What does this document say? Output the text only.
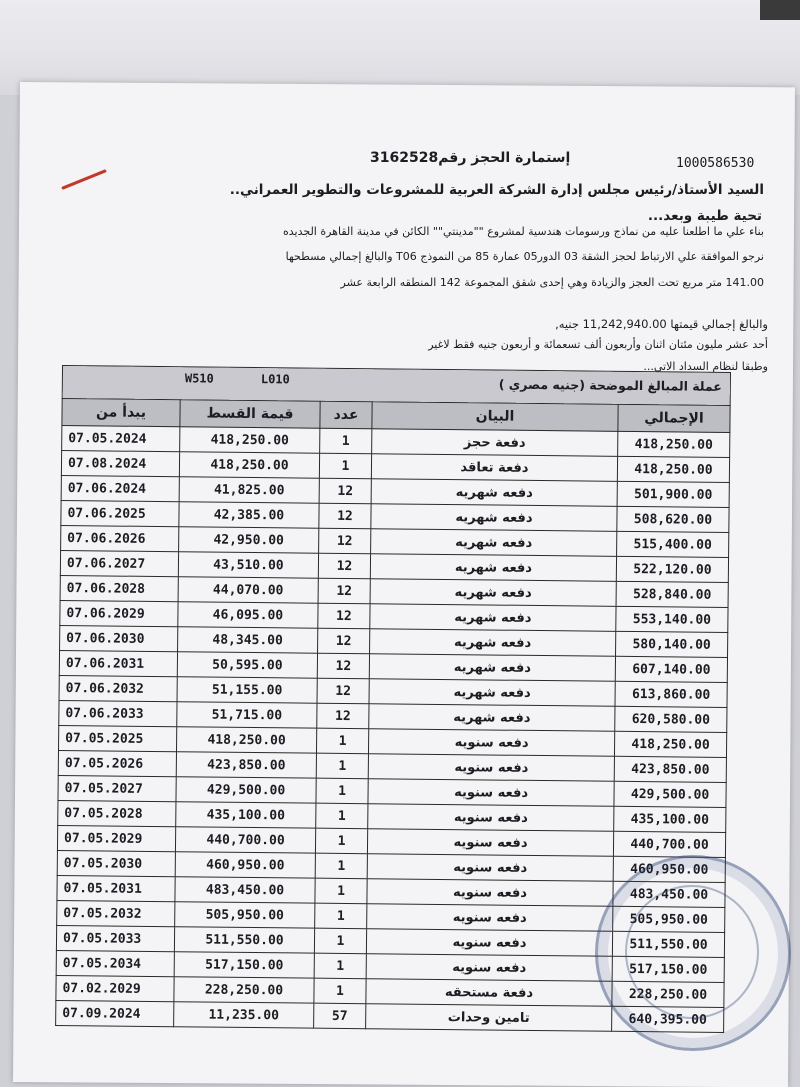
1000586530
إستمارة الحجز رقم3162528
السيد الأستاذ/رئيس مجلس إدارة الشركة العربية للمشروعات والتطوير العمراني..
تحية طيبة وبعد...
بناء علي ما اطلعنا عليه من نماذج ورسومات هندسية لمشروع ""مدينتي"" الكائن في مدينة القاهرة الجديده
نرجو الموافقة علي الارتباط لحجز الشقة 03 الدور05 عمارة 85 من النموذج T06 والبالغ إجمالي مسطحها
141.00 متر مربع تحت العجز والزيادة وهي إحدى شقق المجموعة 142 المنطقه الرابعة عشر
والبالغ إجمالي قيمتها 11,242,940.00 جنيه,
أحد عشر مليون مئتان اثنان وأربعون ألف تسعمائة و أربعون جنيه فقط لاغير
وطبقا لنظام السداد الاتي...
W510 L010 عملة المبالغ الموضحة (جنيه مصري )				

يبدأ من	قيمة القسط	عدد	البيان	الإجمالي
07.05.2024	418,250.00	1	دفعة حجز	418,250.00
07.08.2024	418,250.00	1	دفعة تعاقد	418,250.00
07.06.2024	41,825.00	12	دفعه شهريه	501,900.00
07.06.2025	42,385.00	12	دفعه شهريه	508,620.00
07.06.2026	42,950.00	12	دفعه شهريه	515,400.00
07.06.2027	43,510.00	12	دفعه شهريه	522,120.00
07.06.2028	44,070.00	12	دفعه شهريه	528,840.00
07.06.2029	46,095.00	12	دفعه شهريه	553,140.00
07.06.2030	48,345.00	12	دفعه شهريه	580,140.00
07.06.2031	50,595.00	12	دفعه شهريه	607,140.00
07.06.2032	51,155.00	12	دفعه شهريه	613,860.00
07.06.2033	51,715.00	12	دفعه شهريه	620,580.00
07.05.2025	418,250.00	1	دفعه سنويه	418,250.00
07.05.2026	423,850.00	1	دفعه سنويه	423,850.00
07.05.2027	429,500.00	1	دفعه سنويه	429,500.00
07.05.2028	435,100.00	1	دفعه سنويه	435,100.00
07.05.2029	440,700.00	1	دفعه سنويه	440,700.00
07.05.2030	460,950.00	1	دفعه سنويه	460,950.00
07.05.2031	483,450.00	1	دفعه سنويه	483,450.00
07.05.2032	505,950.00	1	دفعه سنويه	505,950.00
07.05.2033	511,550.00	1	دفعه سنويه	511,550.00
07.05.2034	517,150.00	1	دفعه سنويه	517,150.00
07.02.2029	228,250.00	1	دفعة مستحقه	228,250.00
07.09.2024	11,235.00	57	تامين وحدات	640,395.00
